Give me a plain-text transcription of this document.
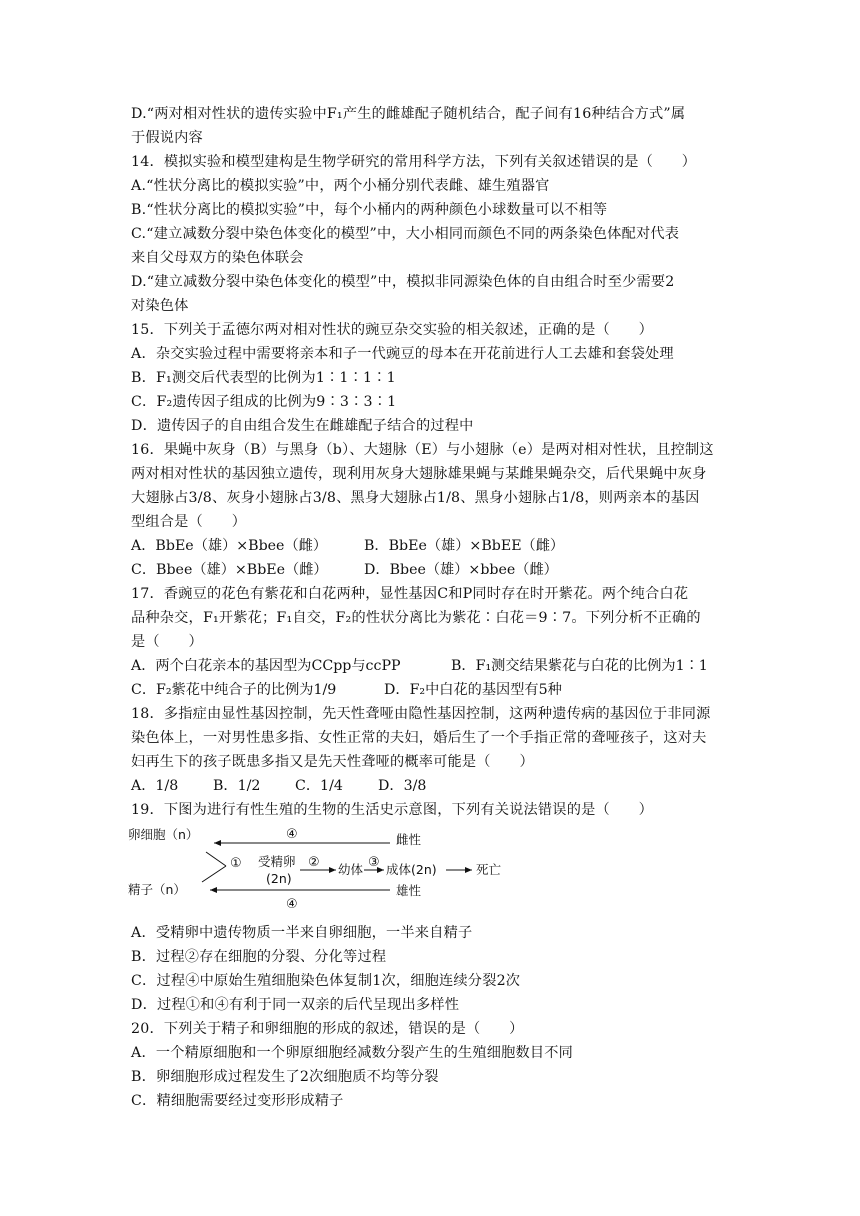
D.“两对相对性状的遗传实验中F₁产生的雌雄配子随机结合，配子间有16种结合方式”属
于假说内容
14．模拟实验和模型建构是生物学研究的常用科学方法，下列有关叙述错误的是（　　）
A.“性状分离比的模拟实验”中，两个小桶分别代表雌、雄生殖器官
B.“性状分离比的模拟实验”中，每个小桶内的两种颜色小球数量可以不相等
C.“建立减数分裂中染色体变化的模型”中，大小相同而颜色不同的两条染色体配对代表
来自父母双方的染色体联会
D.“建立减数分裂中染色体变化的模型”中，模拟非同源染色体的自由组合时至少需要2
对染色体
15．下列关于孟德尔两对相对性状的豌豆杂交实验的相关叙述，正确的是（　　）
A．杂交实验过程中需要将亲本和子一代豌豆的母本在开花前进行人工去雄和套袋处理
B．F₁测交后代表型的比例为1∶1∶1∶1
C．F₂遗传因子组成的比例为9∶3∶3∶1
D．遗传因子的自由组合发生在雌雄配子结合的过程中
16．果蝇中灰身（B）与黑身（b）、大翅脉（E）与小翅脉（e）是两对相对性状，且控制这
两对相对性状的基因独立遗传，现利用灰身大翅脉雄果蝇与某雌果蝇杂交，后代果蝇中灰身
大翅脉占3/8、灰身小翅脉占3/8、黑身大翅脉占1/8、黑身小翅脉占1/8，则两亲本的基因
型组合是（　　）
A．BbEe（雄）×Bbee（雌）	B．BbEe（雄）×BbEE（雌）
C．Bbee（雄）×BbEe（雌）	D．Bbee（雄）×bbee（雌）
17．香豌豆的花色有紫花和白花两种，显性基因C和P同时存在时开紫花。两个纯合白花
品种杂交，F₁开紫花；F₁自交，F₂的性状分离比为紫花∶白花＝9∶7。下列分析不正确的
是（　　）
A．两个白花亲本的基因型为CCpp与ccPP	B．F₁测交结果紫花与白花的比例为1∶1
C．F₂紫花中纯合子的比例为1/9	D．F₂中白花的基因型有5种
18．多指症由显性基因控制，先天性聋哑由隐性基因控制，这两种遗传病的基因位于非同源
染色体上，一对男性患多指、女性正常的夫妇，婚后生了一个手指正常的聋哑孩子，这对夫
妇再生下的孩子既患多指又是先天性聋哑的概率可能是（　　）
A．1/8 B．1/2 C．1/4 D．3/8
19．下图为进行有性生殖的生物的生活史示意图，下列有关说法错误的是（　　）
卵细胞（n）	雌性
④
① 受精卵
(2n)
② 幼体 ③ 成体(2n)	死亡
精子（n）	雄性
④
A．受精卵中遗传物质一半来自卵细胞，一半来自精子
B．过程②存在细胞的分裂、分化等过程
C．过程④中原始生殖细胞染色体复制1次，细胞连续分裂2次
D．过程①和④有利于同一双亲的后代呈现出多样性
20．下列关于精子和卵细胞的形成的叙述，错误的是（　　）
A．一个精原细胞和一个卵原细胞经减数分裂产生的生殖细胞数目不同
B．卵细胞形成过程发生了2次细胞质不均等分裂
C．精细胞需要经过变形形成精子
